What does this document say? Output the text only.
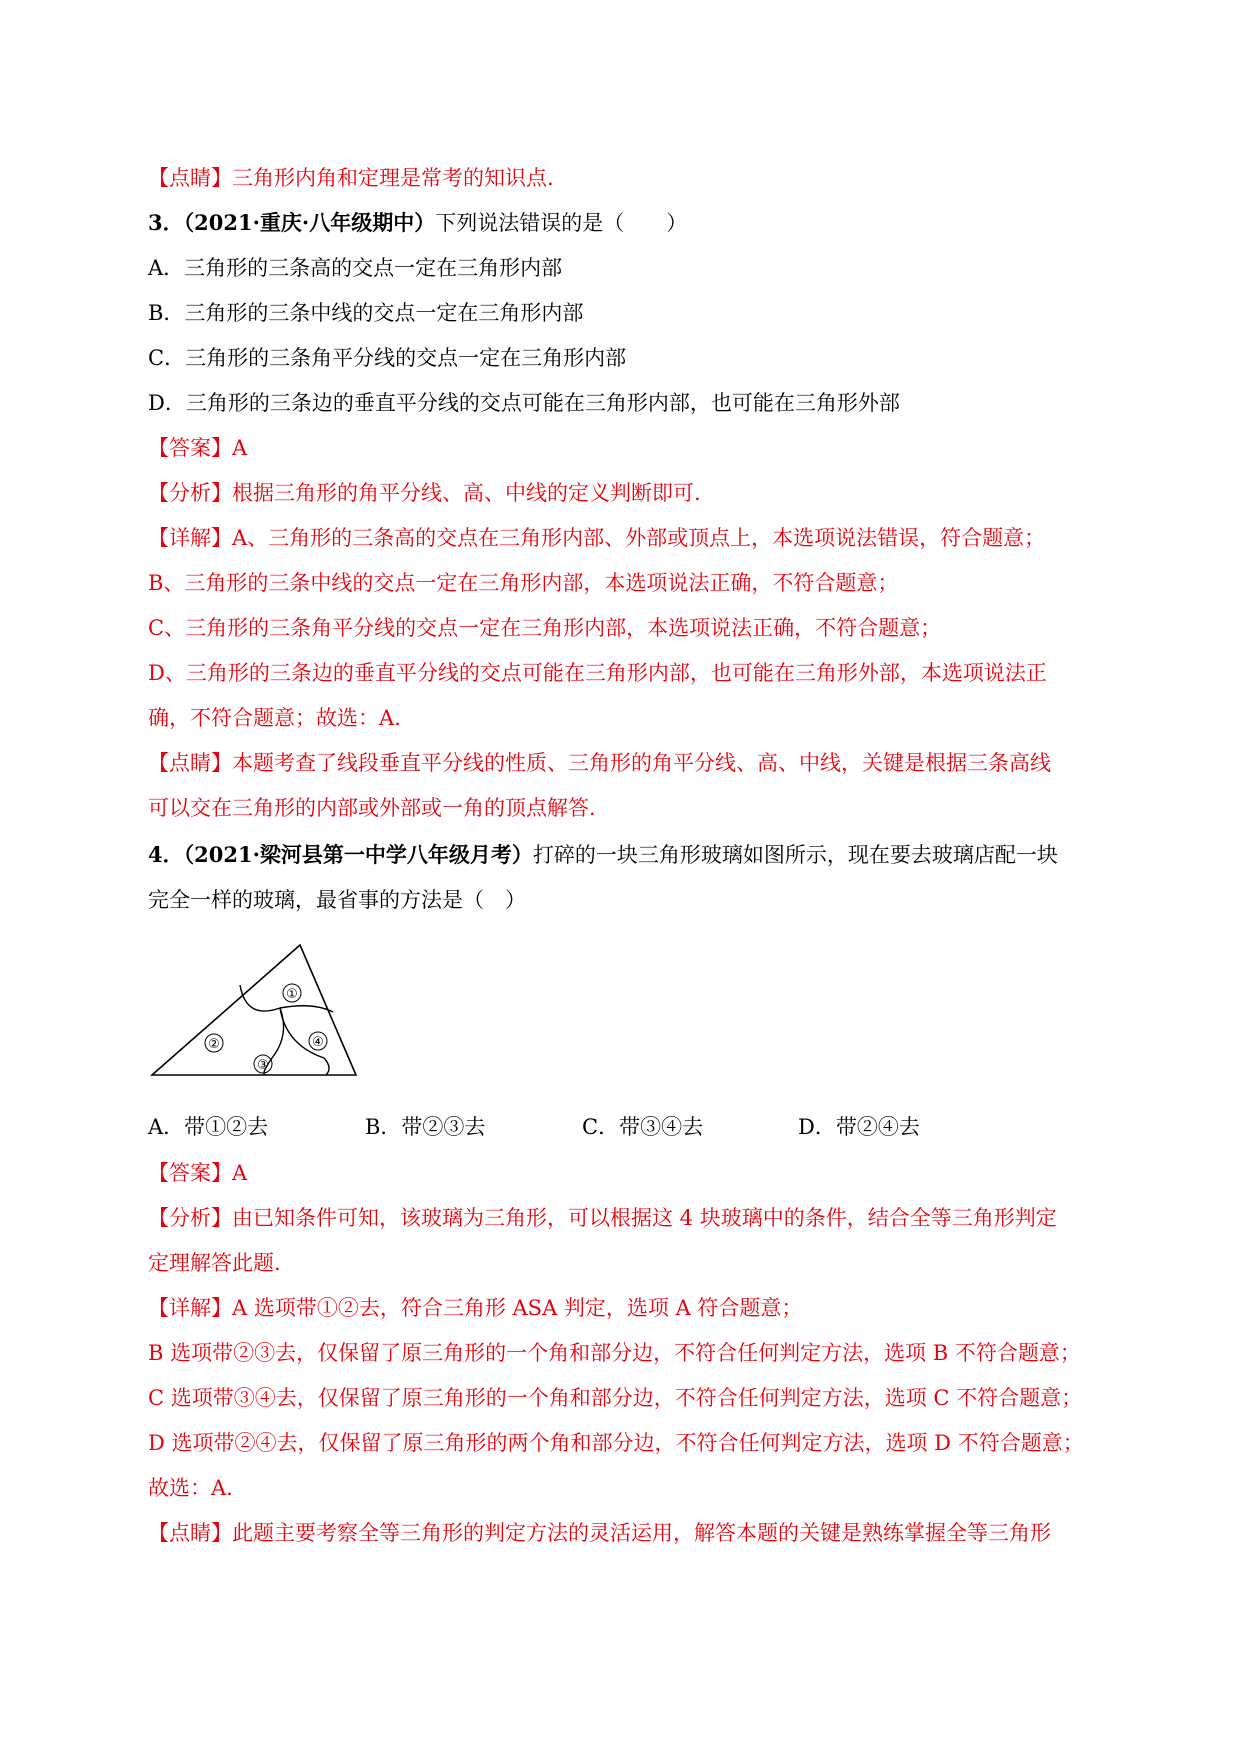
【点睛】三角形内角和定理是常考的知识点.
3．（2021·重庆·八年级期中）下列说法错误的是（　　）
A．三角形的三条高的交点一定在三角形内部
B．三角形的三条中线的交点一定在三角形内部
C．三角形的三条角平分线的交点一定在三角形内部
D．三角形的三条边的垂直平分线的交点可能在三角形内部，也可能在三角形外部
【答案】A
【分析】根据三角形的角平分线、高、中线的定义判断即可.
【详解】A、三角形的三条高的交点在三角形内部、外部或顶点上，本选项说法错误，符合题意；
B、三角形的三条中线的交点一定在三角形内部，本选项说法正确，不符合题意；
C、三角形的三条角平分线的交点一定在三角形内部，本选项说法正确，不符合题意；
D、三角形的三条边的垂直平分线的交点可能在三角形内部，也可能在三角形外部，本选项说法正
确，不符合题意；故选：A.
【点睛】本题考查了线段垂直平分线的性质、三角形的角平分线、高、中线，关键是根据三条高线
可以交在三角形的内部或外部或一角的顶点解答.
4．（2021·梁河县第一中学八年级月考）打碎的一块三角形玻璃如图所示，现在要去玻璃店配一块
完全一样的玻璃，最省事的方法是（　）
①
②
③
④
A．带①②去	B．带②③去	C．带③④去	D．带②④去
【答案】A
【分析】由已知条件可知，该玻璃为三角形，可以根据这 4 块玻璃中的条件，结合全等三角形判定
定理解答此题.
【详解】A 选项带①②去，符合三角形 ASA 判定，选项 A 符合题意；
B 选项带②③去，仅保留了原三角形的一个角和部分边，不符合任何判定方法，选项 B 不符合题意；
C 选项带③④去，仅保留了原三角形的一个角和部分边，不符合任何判定方法，选项 C 不符合题意；
D 选项带②④去，仅保留了原三角形的两个角和部分边，不符合任何判定方法，选项 D 不符合题意；
故选：A.
【点睛】此题主要考察全等三角形的判定方法的灵活运用，解答本题的关键是熟练掌握全等三角形
